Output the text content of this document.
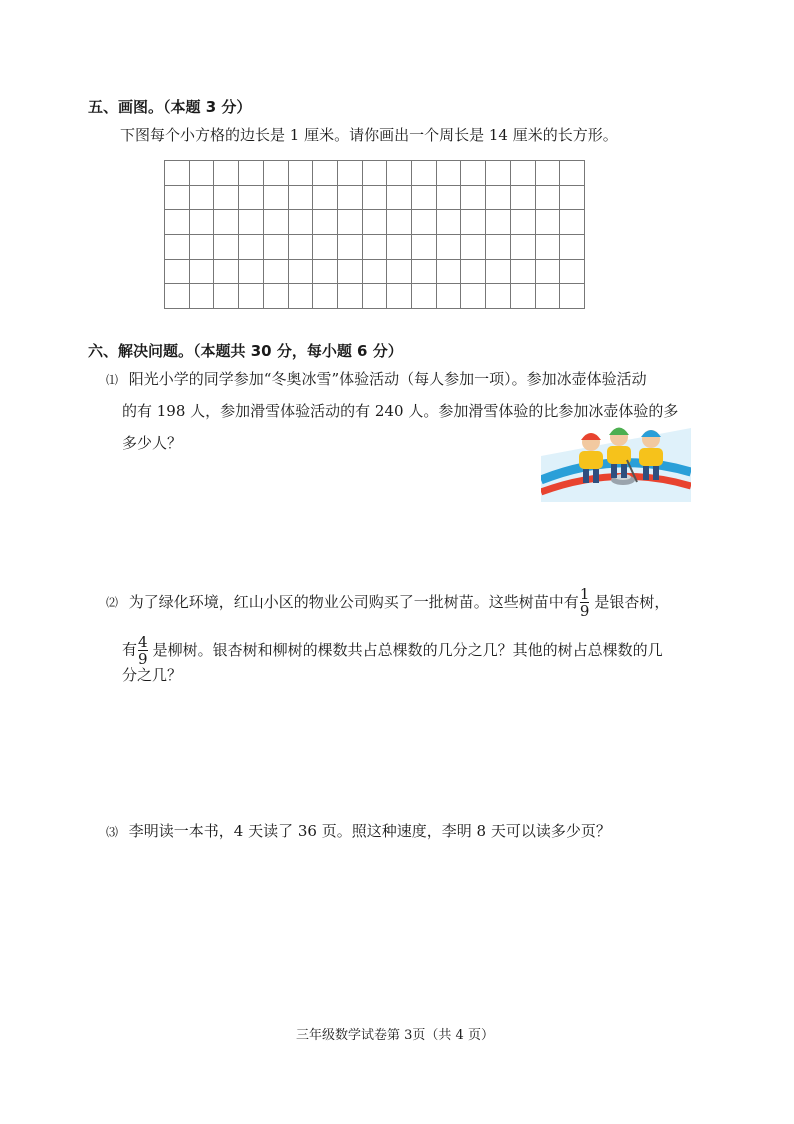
五、画图。（本题 3 分）
下图每个小方格的边长是 1 厘米。请你画出一个周长是 14 厘米的长方形。
六、解决问题。（本题共 30 分，每小题 6 分）
⑴ 阳光小学的同学参加“冬奥冰雪”体验活动（每人参加一项）。参加冰壶体验活动
的有 198 人，参加滑雪体验活动的有 240 人。参加滑雪体验的比参加冰壶体验的多
多少人？
⑵ 为了绿化环境，红山小区的物业公司购买了一批树苗。这些树苗中有 $\frac{1}{9}$ 是银杏树，
有 $\frac{4}{9}$ 是柳树。银杏树和柳树的棵数共占总棵数的几分之几？其他的树占总棵数的几
分之几？
⑶ 李明读一本书，4 天读了 36 页。照这种速度，李明 8 天可以读多少页？
三年级数学试卷第 3页（共 4 页）
